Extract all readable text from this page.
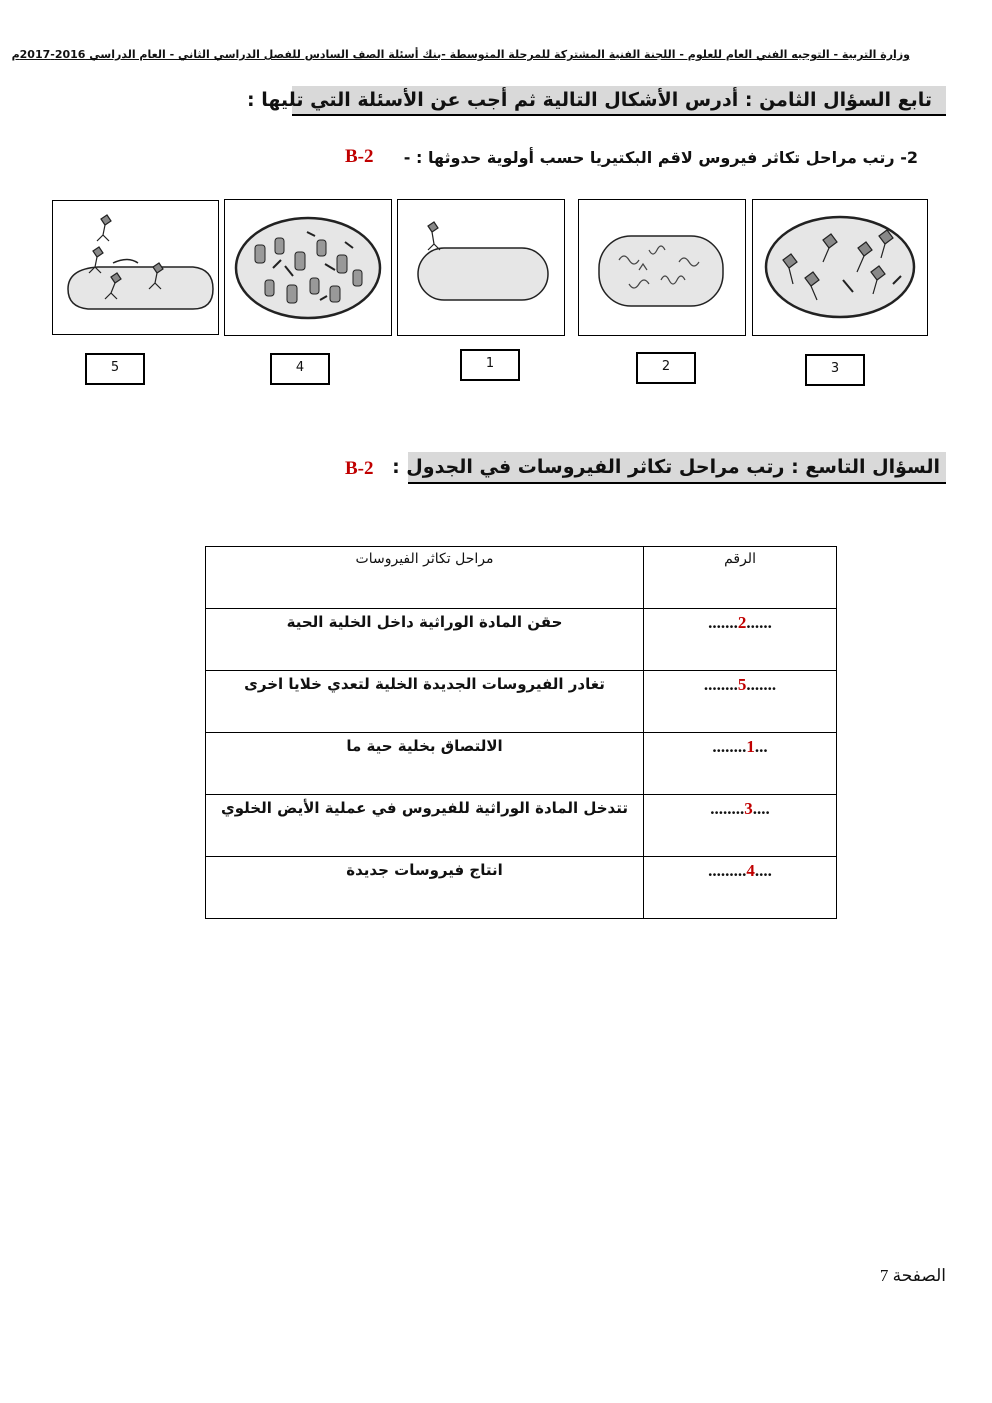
وزارة التربية - التوجيه الفني العام للعلوم - اللجنة الفنية المشتركة للمرحلة المتوسطة -بنك أسئلة الصف السادس للفصل الدراسي الثاني - العام الدراسي 2016-2017م
تابع السؤال الثامن : أدرس الأشكال التالية ثم أجب عن الأسئلة التي تليها :
2- رتب مراحل تكاثر فيروس لاقم البكتيريا حسب أولوية حدوثها : -
B-2
5	4	1	2	3
السؤال التاسع : رتب مراحل تكاثر الفيروسات في الجدول :
B-2
الرقم	مراحل تكاثر الفيروسات
......2.......	حقن المادة الوراثية داخل الخلية الحية
.......5........	تغادر الفيروسات الجديدة الخلية لتعدي خلايا اخرى
...1........	الالتصاق بخلية حية ما
....3........	تتدخل المادة الوراثية للفيروس في عملية الأيض الخلوي
....4.........	انتاج فيروسات جديدة
الصفحة 7
